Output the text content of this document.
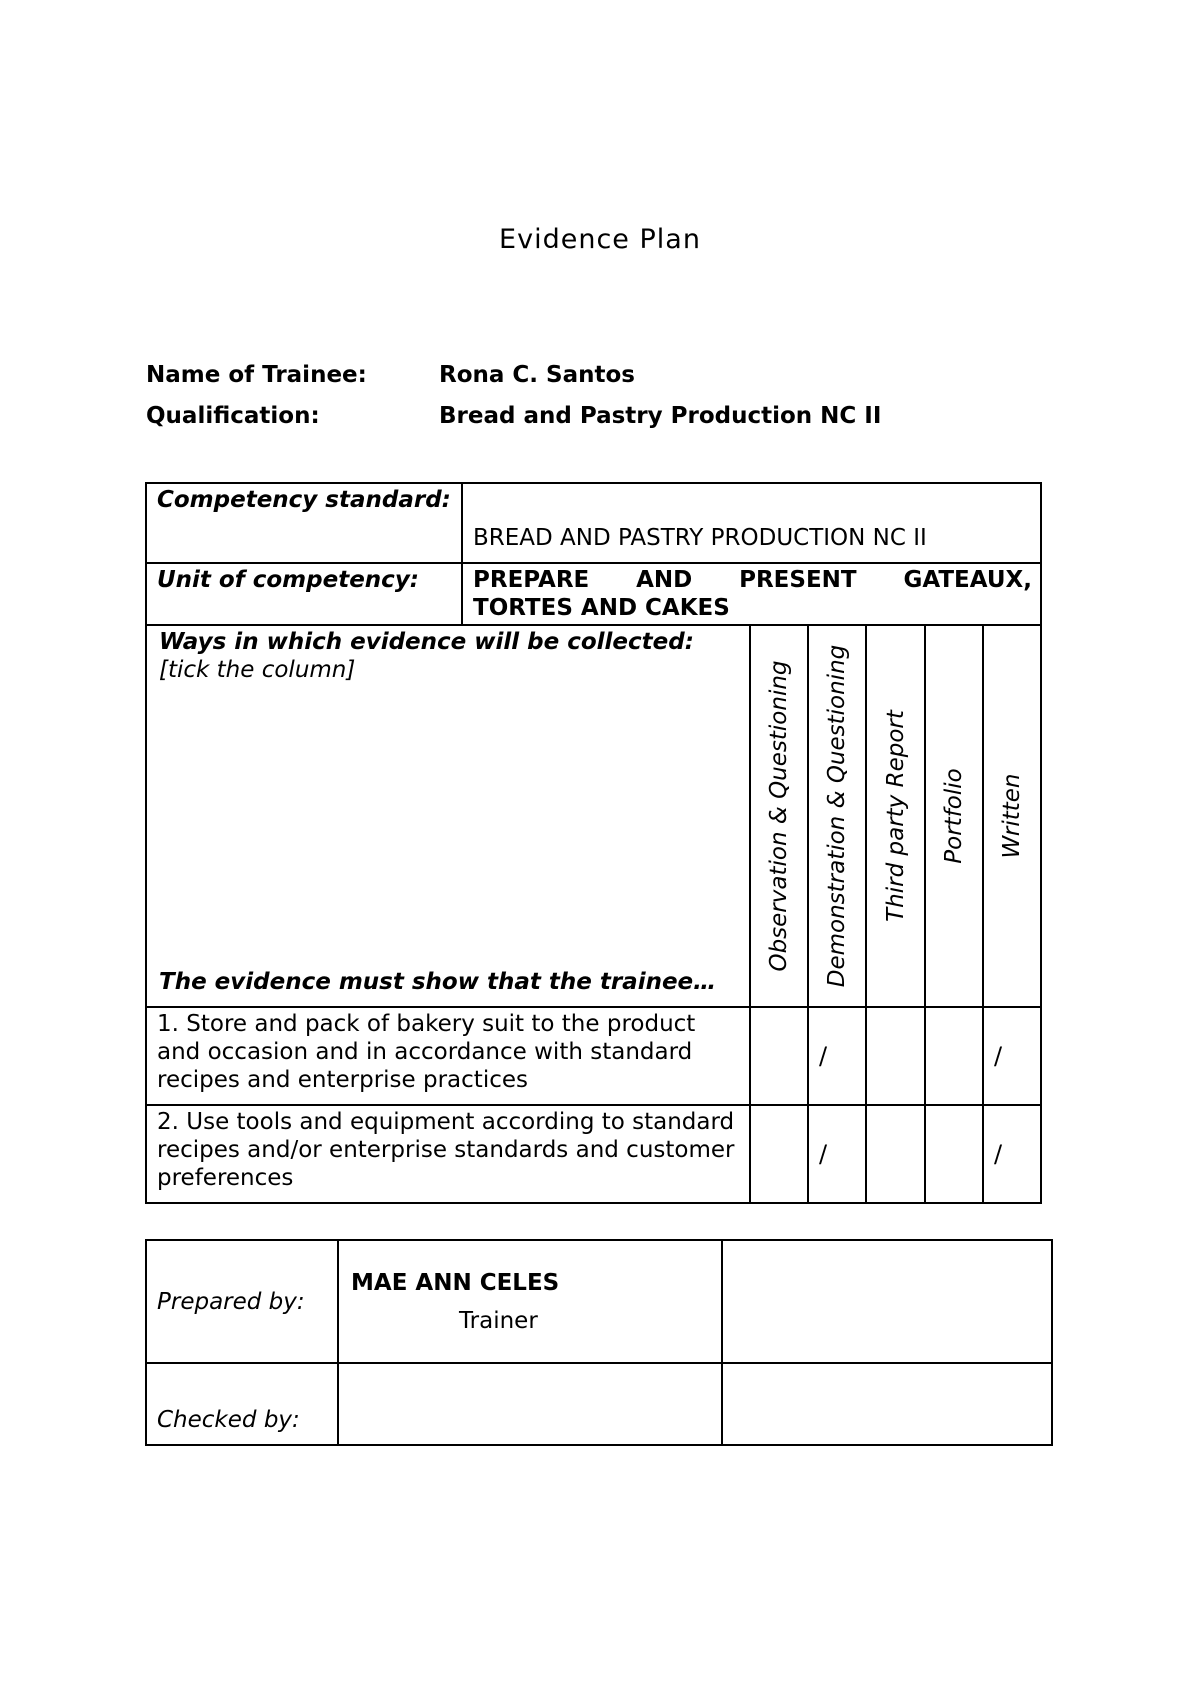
Evidence Plan
Name of Trainee:	Rona C. Santos
Qualification:	Bread and Pastry Production NC II
Competency standard:	BREAD AND PASTRY PRODUCTION NC II					
Unit of competency:	PREPARE AND PRESENT GATEAUX,
TORTES AND CAKES					

Ways in which evidence will be collected:
[tick the column]
The evidence must show that the trainee…		Observation & Questioning	Demonstration & Questioning	Third party Report	Portfolio	Written

1. Store and pack of bakery suit to the product and occasion and in accordance with standard recipes and enterprise practices			/			/
2. Use tools and equipment according to standard recipes and/or enterprise standards and customer preferences			/			/
Prepared by:	MAE ANN CELES
Trainer	

Checked by:		
